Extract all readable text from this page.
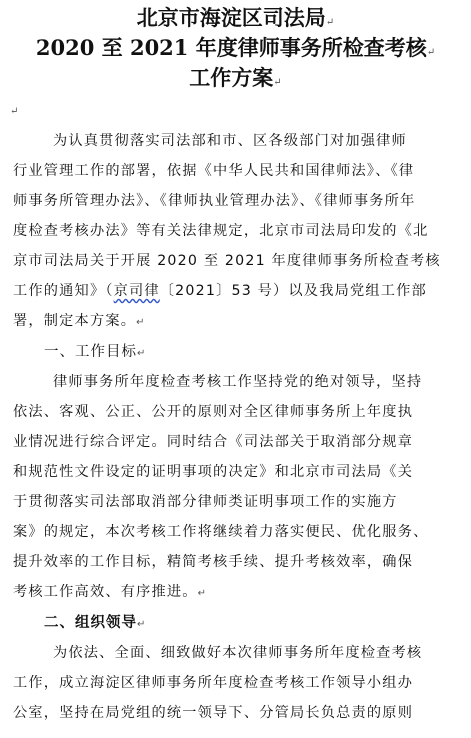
北京市海淀区司法局↵
2020 至 2021 年度律师事务所检查考核↵
工作方案↵
↵
为认真贯彻落实司法部和市、区各级部门对加强律师
行业管理工作的部署，依据《中华人民共和国律师法》、《律
师事务所管理办法》、《律师执业管理办法》、《律师事务所年
度检查考核办法》等有关法律规定，北京市司法局印发的《北
京市司法局关于开展 2020 至 2021 年度律师事务所检查考核
工作的通知》（京司律〔2021〕53 号）以及我局党组工作部
署，制定本方案。↵
一、工作目标↵
律师事务所年度检查考核工作坚持党的绝对领导，坚持
依法、客观、公正、公开的原则对全区律师事务所上年度执
业情况进行综合评定。同时结合《司法部关于取消部分规章
和规范性文件设定的证明事项的决定》和北京市司法局《关
于贯彻落实司法部取消部分律师类证明事项工作的实施方
案》的规定，本次考核工作将继续着力落实便民、优化服务、
提升效率的工作目标，精简考核手续、提升考核效率，确保
考核工作高效、有序推进。↵
二、组织领导↵
为依法、全面、细致做好本次律师事务所年度检查考核
工作，成立海淀区律师事务所年度检查考核工作领导小组办
公室，坚持在局党组的统一领导下、分管局长负总责的原则
